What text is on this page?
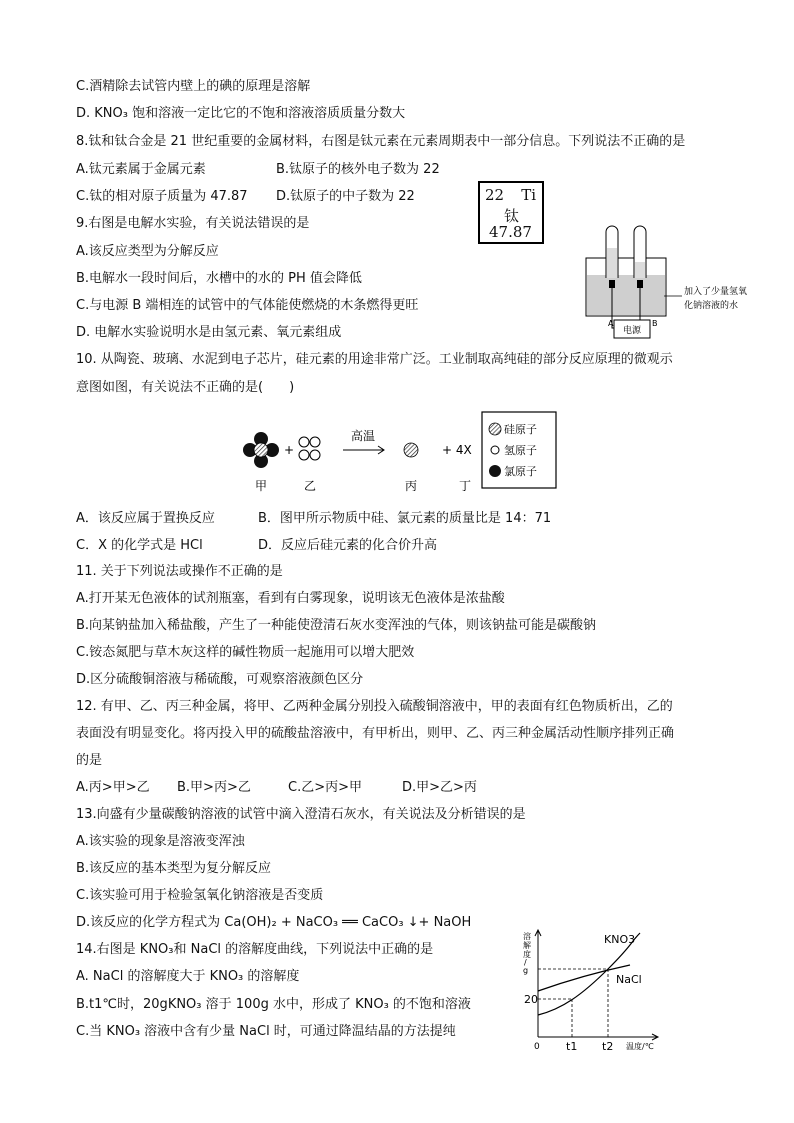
C.酒精除去试管内壁上的碘的原理是溶解
D. KNO₃ 饱和溶液一定比它的不饱和溶液溶质质量分数大
8.钛和钛合金是 21 世纪重要的金属材料，右图是钛元素在元素周期表中一部分信息。下列说法不正确的是
A.钛元素属于金属元素	B.钛原子的核外电子数为 22
C.钛的相对原子质量为 47.87 D.钛原子的中子数为 22
9.右图是电解水实验，有关说法错误的是
A.该反应类型为分解反应
B.电解水一段时间后，水槽中的水的 PH 值会降低
C.与电源 B 端相连的试管中的气体能使燃烧的木条燃得更旺
D. 电解水实验说明水是由氢元素、氧元素组成
10. 从陶瓷、玻璃、水泥到电子芯片，硅元素的用途非常广泛。工业制取高纯硅的部分反应原理的微观示
意图如图，有关说法不正确的是(　　)
A．该反应属于置换反应	B．图甲所示物质中硅、氯元素的质量比是 14：71
C．X 的化学式是 HCl	D．反应后硅元素的化合价升高
11. 关于下列说法或操作不正确的是
A.打开某无色液体的试剂瓶塞，看到有白雾现象，说明该无色液体是浓盐酸
B.向某钠盐加入稀盐酸，产生了一种能使澄清石灰水变浑浊的气体，则该钠盐可能是碳酸钠
C.铵态氮肥与草木灰这样的碱性物质一起施用可以增大肥效
D.区分硫酸铜溶液与稀硫酸，可观察溶液颜色区分
12. 有甲、乙、丙三种金属，将甲、乙两种金属分别投入硫酸铜溶液中，甲的表面有红色物质析出，乙的
表面没有明显变化。将丙投入甲的硫酸盐溶液中，有甲析出，则甲、乙、丙三种金属活动性顺序排列正确
的是
A.丙>甲>乙 B.甲>丙>乙	C.乙>丙>甲	D.甲>乙>丙
13.向盛有少量碳酸钠溶液的试管中滴入澄清石灰水，有关说法及分析错误的是
A.该实验的现象是溶液变浑浊
B.该反应的基本类型为复分解反应
C.该实验可用于检验氢氧化钠溶液是否变质
D.该反应的化学方程式为 Ca(OH)₂ + NaCO₃ ══ CaCO₃ ↓+ NaOH
14.右图是 KNO₃和 NaCl 的溶解度曲线，下列说法中正确的是
A. NaCl 的溶解度大于 KNO₃ 的溶解度
B.t1℃时，20gKNO₃ 溶于 100g 水中，形成了 KNO₃ 的不饱和溶液
C.当 KNO₃ 溶液中含有少量 NaCl 时，可通过降温结晶的方法提纯
22 Ti
钛
47.87
电源
A	B
加入了少量氢氧
化钠溶液的水
+
高温
+ 4X
硅原子
氢原子
氯原子
甲	乙	丙	丁
溶
解
度
/
g
KNO3
NaCl
20
0 t1 t2 温度/℃
